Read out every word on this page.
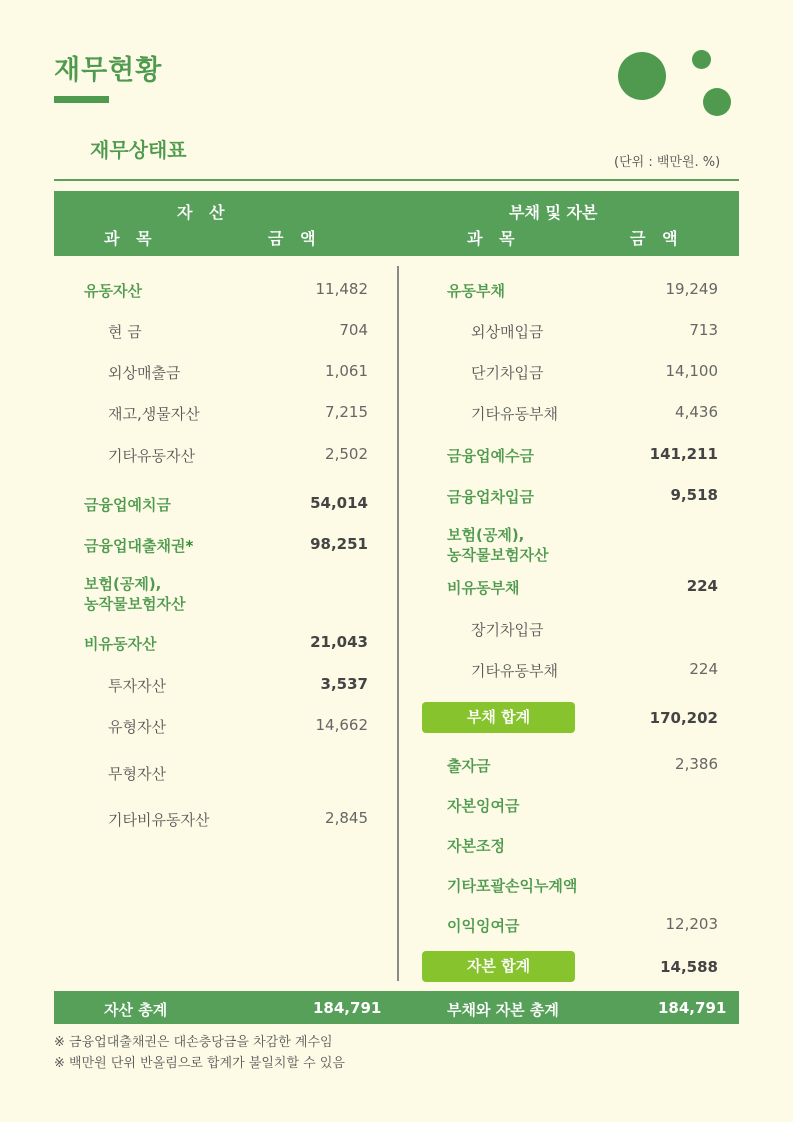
재무현황
재무상태표
(단위 : 백만원. %)
자   산	부채 및 자본
과   목	금   액	과   목	금   액
유동자산	11,482
현 금	704
외상매출금	1,061
재고,생물자산	7,215
기타유동자산	2,502
금융업예치금	54,014
금융업대출채권*	98,251
보험(공제),
농작물보험자산
비유동자산	21,043
투자자산	3,537
유형자산	14,662
무형자산
기타비유동자산	2,845
유동부채	19,249
외상매입금	713
단기차입금	14,100
기타유동부채	4,436
금융업예수금	141,211
금융업차입금	9,518
보험(공제),
농작물보험자산
비유동부채	224
장기차입금
기타유동부채	224
부채 합계	170,202
출자금	2,386
자본잉여금
자본조정
기타포괄손익누계액
이익잉여금	12,203
자본 합계	14,588
자산 총계	184,791	부채와 자본 총계	184,791
※ 금융업대출채권은 대손충당금을 차감한 계수임
※ 백만원 단위 반올림으로 합계가 불일치할 수 있음
